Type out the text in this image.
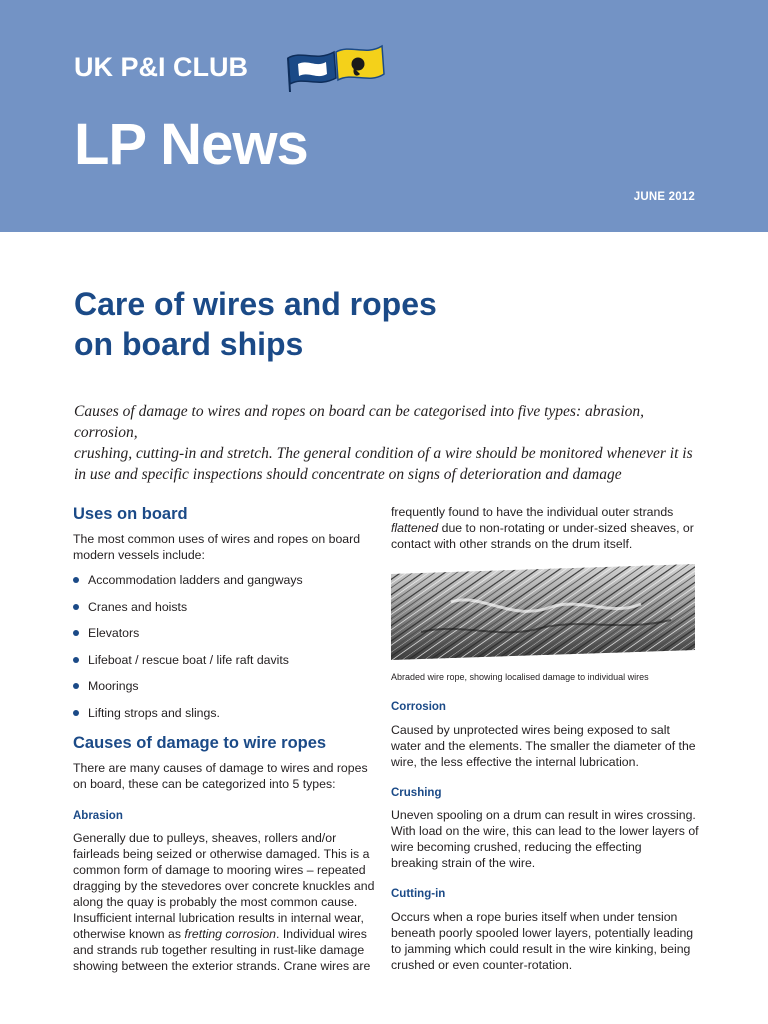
UK P&I CLUB
LP News
JUNE 2012
Care of wires and ropes
on board ships
Causes of damage to wires and ropes on board can be categorised into five types: abrasion, corrosion,
crushing, cutting-in and stretch. The general condition of a wire should be monitored whenever it is
in use and specific inspections should concentrate on signs of deterioration and damage
Uses on board
The most common uses of wires and ropes on board
modern vessels include:
Accommodation ladders and gangways
Cranes and hoists
Elevators
Lifeboat / rescue boat / life raft davits
Moorings
Lifting strops and slings.
Causes of damage to wire ropes
There are many causes of damage to wires and ropes
on board, these can be categorized into 5 types:
Abrasion
Generally due to pulleys, sheaves, rollers and/or
fairleads being seized or otherwise damaged. This is a
common form of damage to mooring wires – repeated
dragging by the stevedores over concrete knuckles and
along the quay is probably the most common cause.
Insufficient internal lubrication results in internal wear,
otherwise known as fretting corrosion. Individual wires
and strands rub together resulting in rust-like damage
showing between the exterior strands. Crane wires are
frequently found to have the individual outer strands
flattened due to non-rotating or under-sized sheaves, or
contact with other strands on the drum itself.
Abraded wire rope, showing localised damage to individual wires
Corrosion
Caused by unprotected wires being exposed to salt
water and the elements. The smaller the diameter of the
wire, the less effective the internal lubrication.
Crushing
Uneven spooling on a drum can result in wires crossing.
With load on the wire, this can lead to the lower layers of
wire becoming crushed, reducing the effecting
breaking strain of the wire.
Cutting-in
Occurs when a rope buries itself when under tension
beneath poorly spooled lower layers, potentially leading
to jamming which could result in the wire kinking, being
crushed or even counter-rotation.
